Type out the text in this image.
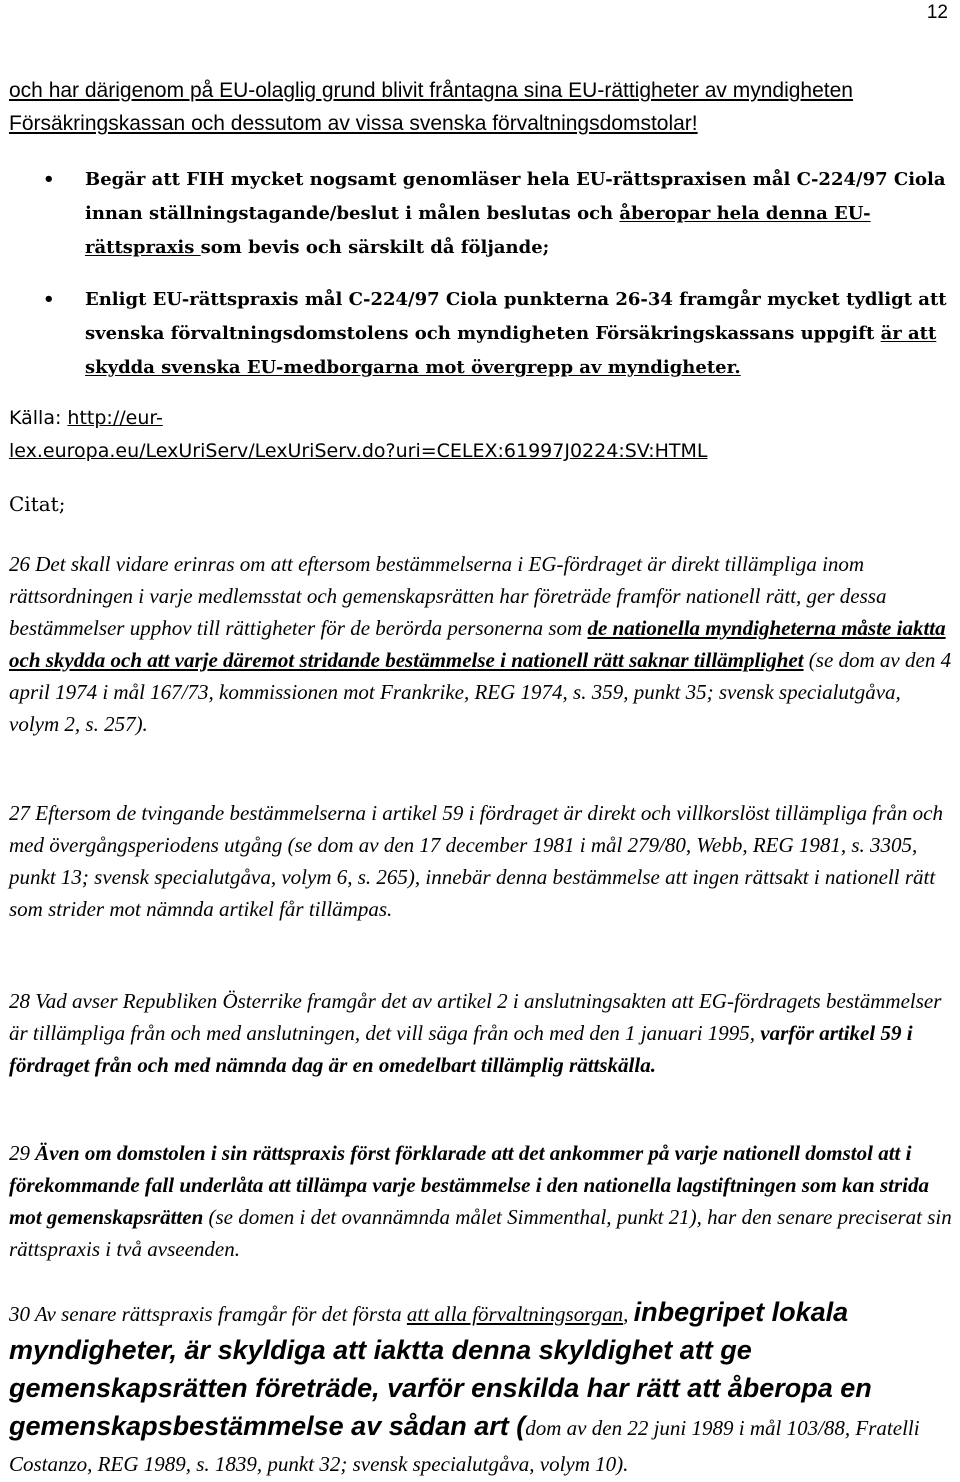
12
och har därigenom på EU-olaglig grund blivit fråntagna sina EU-rättigheter av myndigheten
Försäkringskassan och dessutom av vissa svenska förvaltningsdomstolar!
• Begär att FIH mycket nogsamt genomläser hela EU-rättspraxisen mål C-224/97 Ciola innan ställningstagande/beslut i målen beslutas och åberopar hela denna EU-rättspraxis som bevis och särskilt då följande;
• Enligt EU-rättspraxis mål C-224/97 Ciola punkterna 26-34 framgår mycket tydligt att svenska förvaltningsdomstolens och myndigheten Försäkringskassans uppgift är att skydda svenska EU-medborgarna mot övergrepp av myndigheter.
Källa: http://eur-
lex.europa.eu/LexUriServ/LexUriServ.do?uri=CELEX:61997J0224:SV:HTML
Citat;
26 Det skall vidare erinras om att eftersom bestämmelserna i EG-fördraget är direkt tillämpliga inom rättsordningen i varje medlemsstat och gemenskapsrätten har företräde framför nationell rätt, ger dessa bestämmelser upphov till rättigheter för de berörda personerna som de nationella myndigheterna måste iaktta och skydda och att varje däremot stridande bestämmelse i nationell rätt saknar tillämplighet (se dom av den 4 april 1974 i mål 167/73, kommissionen mot Frankrike, REG 1974, s. 359, punkt 35; svensk specialutgåva, volym 2, s. 257).
27 Eftersom de tvingande bestämmelserna i artikel 59 i fördraget är direkt och villkorslöst tillämpliga från och med övergångsperiodens utgång (se dom av den 17 december 1981 i mål 279/80, Webb, REG 1981, s. 3305, punkt 13; svensk specialutgåva, volym 6, s. 265), innebär denna bestämmelse att ingen rättsakt i nationell rätt som strider mot nämnda artikel får tillämpas.
28 Vad avser Republiken Österrike framgår det av artikel 2 i anslutningsakten att EG-fördragets bestämmelser är tillämpliga från och med anslutningen, det vill säga från och med den 1 januari 1995, varför artikel 59 i fördraget från och med nämnda dag är en omedelbart tillämplig rättskälla.
29 Även om domstolen i sin rättspraxis först förklarade att det ankommer på varje nationell domstol att i förekommande fall underlåta att tillämpa varje bestämmelse i den nationella lagstiftningen som kan strida mot gemenskapsrätten (se domen i det ovannämnda målet Simmenthal, punkt 21), har den senare preciserat sin rättspraxis i två avseenden.
30 Av senare rättspraxis framgår för det första att alla förvaltningsorgan, inbegripet lokala myndigheter, är skyldiga att iaktta denna skyldighet att ge gemenskapsrätten företräde, varför enskilda har rätt att åberopa en gemenskapsbestämmelse av sådan art (dom av den 22 juni 1989 i mål 103/88, Fratelli Costanzo, REG 1989, s. 1839, punkt 32; svensk specialutgåva, volym 10).
